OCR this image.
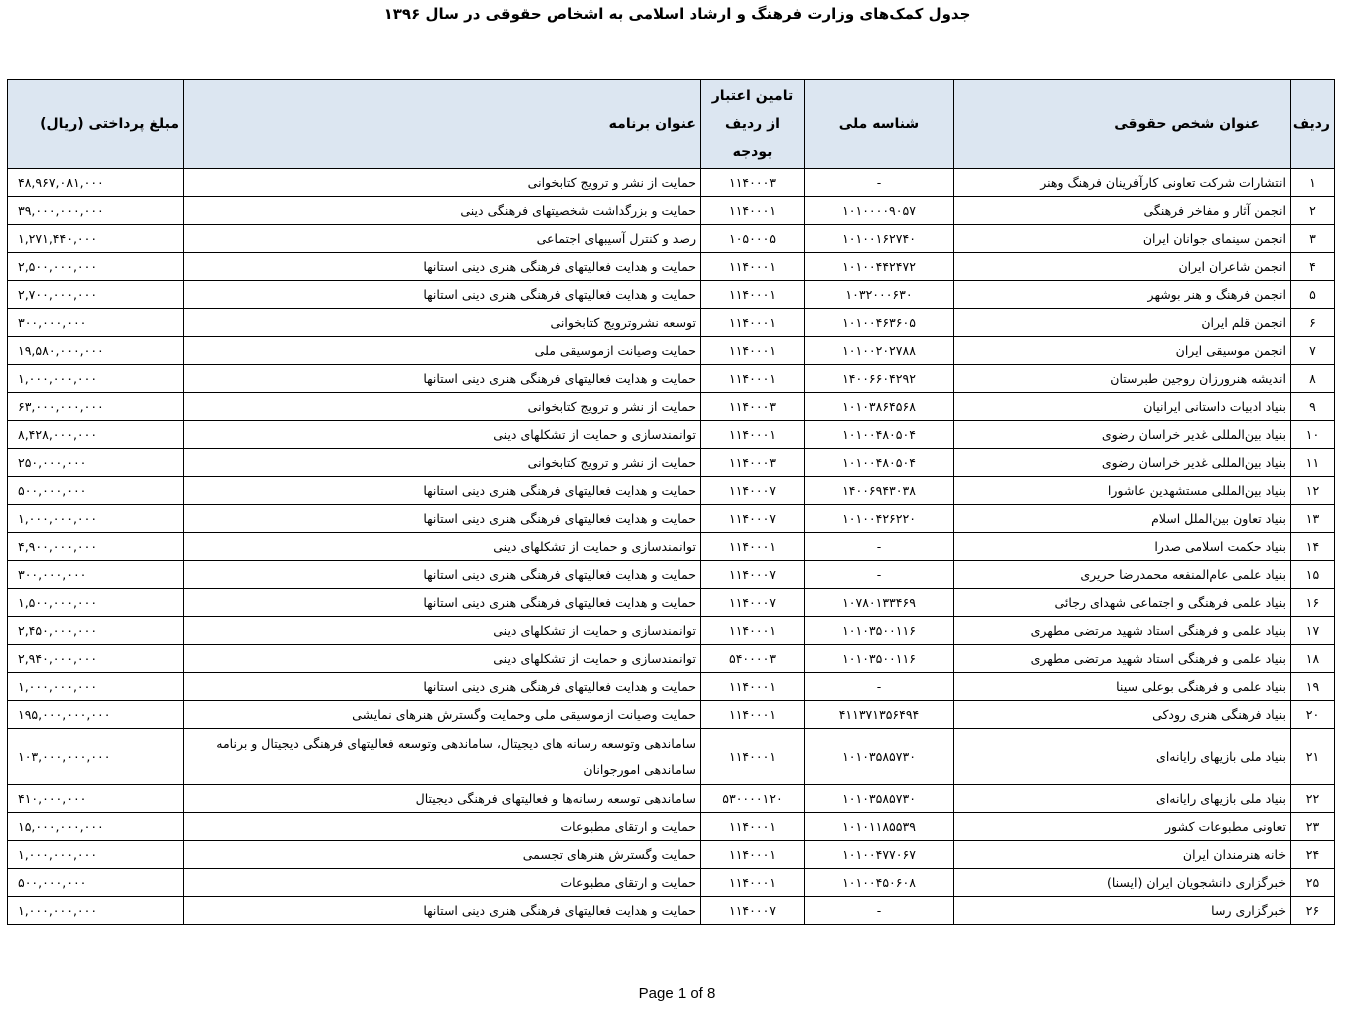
جدول کمک‌های وزارت فرهنگ و ارشاد اسلامی به اشخاص حقوقی در سال ۱۳۹۶
ردیف	عنوان شخص حقوقی	شناسه ملی	تامین اعتبار از ردیف بودجه	عنوان برنامه	مبلغ پرداختی (ریال)
۱	انتشارات شرکت تعاونی کارآفرینان فرهنگ وهنر	-	۱۱۴۰۰۰۳	حمایت از نشر و ترویج کتابخوانی	۴۸,۹۶۷,۰۸۱,۰۰۰
۲	انجمن آثار و مفاخر فرهنگی	۱۰۱۰۰۰۰۹۰۵۷	۱۱۴۰۰۰۱	حمایت و بزرگداشت شخصیتهای فرهنگی دینی	۳۹,۰۰۰,۰۰۰,۰۰۰
۳	انجمن سینمای جوانان ایران	۱۰۱۰۰۱۶۲۷۴۰	۱۰۵۰۰۰۵	رصد و کنترل آسیبهای اجتماعی	۱,۲۷۱,۴۴۰,۰۰۰
۴	انجمن شاعران ایران	۱۰۱۰۰۴۴۲۴۷۲	۱۱۴۰۰۰۱	حمایت و هدایت فعالیتهای فرهنگی هنری دینی استانها	۲,۵۰۰,۰۰۰,۰۰۰
۵	انجمن فرهنگ و هنر بوشهر	۱۰۳۲۰۰۰۶۳۰	۱۱۴۰۰۰۱	حمایت و هدایت فعالیتهای فرهنگی هنری دینی استانها	۲,۷۰۰,۰۰۰,۰۰۰
۶	انجمن قلم ایران	۱۰۱۰۰۴۶۳۶۰۵	۱۱۴۰۰۰۱	توسعه نشروترویج کتابخوانی	۳۰۰,۰۰۰,۰۰۰
۷	انجمن موسیقی ایران	۱۰۱۰۰۲۰۲۷۸۸	۱۱۴۰۰۰۱	حمایت وصیانت ازموسیقی ملی	۱۹,۵۸۰,۰۰۰,۰۰۰
۸	اندیشه هنرورزان روجین طبرستان	۱۴۰۰۶۶۰۴۲۹۲	۱۱۴۰۰۰۱	حمایت و هدایت فعالیتهای فرهنگی هنری دینی استانها	۱,۰۰۰,۰۰۰,۰۰۰
۹	بنیاد ادبیات داستانی ایرانیان	۱۰۱۰۳۸۶۴۵۶۸	۱۱۴۰۰۰۳	حمایت از نشر و ترویج کتابخوانی	۶۳,۰۰۰,۰۰۰,۰۰۰
۱۰	بنیاد بین‌المللی غدیر خراسان رضوی	۱۰۱۰۰۴۸۰۵۰۴	۱۱۴۰۰۰۱	توانمندسازی و حمایت از تشکلهای دینی	۸,۴۲۸,۰۰۰,۰۰۰
۱۱	بنیاد بین‌المللی غدیر خراسان رضوی	۱۰۱۰۰۴۸۰۵۰۴	۱۱۴۰۰۰۳	حمایت از نشر و ترویج کتابخوانی	۲۵۰,۰۰۰,۰۰۰
۱۲	بنیاد بین‌المللی مستشهدین عاشورا	۱۴۰۰۶۹۴۳۰۳۸	۱۱۴۰۰۰۷	حمایت و هدایت فعالیتهای فرهنگی هنری دینی استانها	۵۰۰,۰۰۰,۰۰۰
۱۳	بنیاد تعاون بین‌الملل اسلام	۱۰۱۰۰۴۲۶۲۲۰	۱۱۴۰۰۰۷	حمایت و هدایت فعالیتهای فرهنگی هنری دینی استانها	۱,۰۰۰,۰۰۰,۰۰۰
۱۴	بنیاد حکمت اسلامی صدرا	-	۱۱۴۰۰۰۱	توانمندسازی و حمایت از تشکلهای دینی	۴,۹۰۰,۰۰۰,۰۰۰
۱۵	بنیاد علمی عام‌المنفعه محمدرضا حریری	-	۱۱۴۰۰۰۷	حمایت و هدایت فعالیتهای فرهنگی هنری دینی استانها	۳۰۰,۰۰۰,۰۰۰
۱۶	بنیاد علمی فرهنگی و اجتماعی شهدای رجائی	۱۰۷۸۰۱۳۳۴۶۹	۱۱۴۰۰۰۷	حمایت و هدایت فعالیتهای فرهنگی هنری دینی استانها	۱,۵۰۰,۰۰۰,۰۰۰
۱۷	بنیاد علمی و فرهنگی استاد شهید مرتضی مطهری	۱۰۱۰۳۵۰۰۱۱۶	۱۱۴۰۰۰۱	توانمندسازی و حمایت از تشکلهای دینی	۲,۴۵۰,۰۰۰,۰۰۰
۱۸	بنیاد علمی و فرهنگی استاد شهید مرتضی مطهری	۱۰۱۰۳۵۰۰۱۱۶	۵۴۰۰۰۰۳	توانمندسازی و حمایت از تشکلهای دینی	۲,۹۴۰,۰۰۰,۰۰۰
۱۹	بنیاد علمی و فرهنگی بوعلی سینا	-	۱۱۴۰۰۰۱	حمایت و هدایت فعالیتهای فرهنگی هنری دینی استانها	۱,۰۰۰,۰۰۰,۰۰۰
۲۰	بنیاد فرهنگی هنری رودکی	۴۱۱۳۷۱۳۵۶۴۹۴	۱۱۴۰۰۰۱	حمایت وصیانت ازموسیقی ملی وحمایت وگسترش هنرهای نمایشی	۱۹۵,۰۰۰,۰۰۰,۰۰۰
۲۱	بنیاد ملی بازیهای رایانه‌ای	۱۰۱۰۳۵۸۵۷۳۰	۱۱۴۰۰۰۱	ساماندهی وتوسعه رسانه های دیجیتال، ساماندهی وتوسعه فعالیتهای فرهنگی دیجیتال و برنامه ساماندهی امورجوانان	۱۰۳,۰۰۰,۰۰۰,۰۰۰
۲۲	بنیاد ملی بازیهای رایانه‌ای	۱۰۱۰۳۵۸۵۷۳۰	۵۳۰۰۰۰۱۲۰	ساماندهی توسعه رسانه‌ها و فعالیتهای فرهنگی دیجیتال	۴۱۰,۰۰۰,۰۰۰
۲۳	تعاونی مطبوعات کشور	۱۰۱۰۱۱۸۵۵۳۹	۱۱۴۰۰۰۱	حمایت و ارتقای مطبوعات	۱۵,۰۰۰,۰۰۰,۰۰۰
۲۴	خانه هنرمندان ایران	۱۰۱۰۰۴۷۷۰۶۷	۱۱۴۰۰۰۱	حمایت وگسترش هنرهای تجسمی	۱,۰۰۰,۰۰۰,۰۰۰
۲۵	خبرگزاری دانشجویان ایران (ایسنا)	۱۰۱۰۰۴۵۰۶۰۸	۱۱۴۰۰۰۱	حمایت و ارتقای مطبوعات	۵۰۰,۰۰۰,۰۰۰
۲۶	خبرگزاری رسا	-	۱۱۴۰۰۰۷	حمایت و هدایت فعالیتهای فرهنگی هنری دینی استانها	۱,۰۰۰,۰۰۰,۰۰۰
Page 1 of 8
